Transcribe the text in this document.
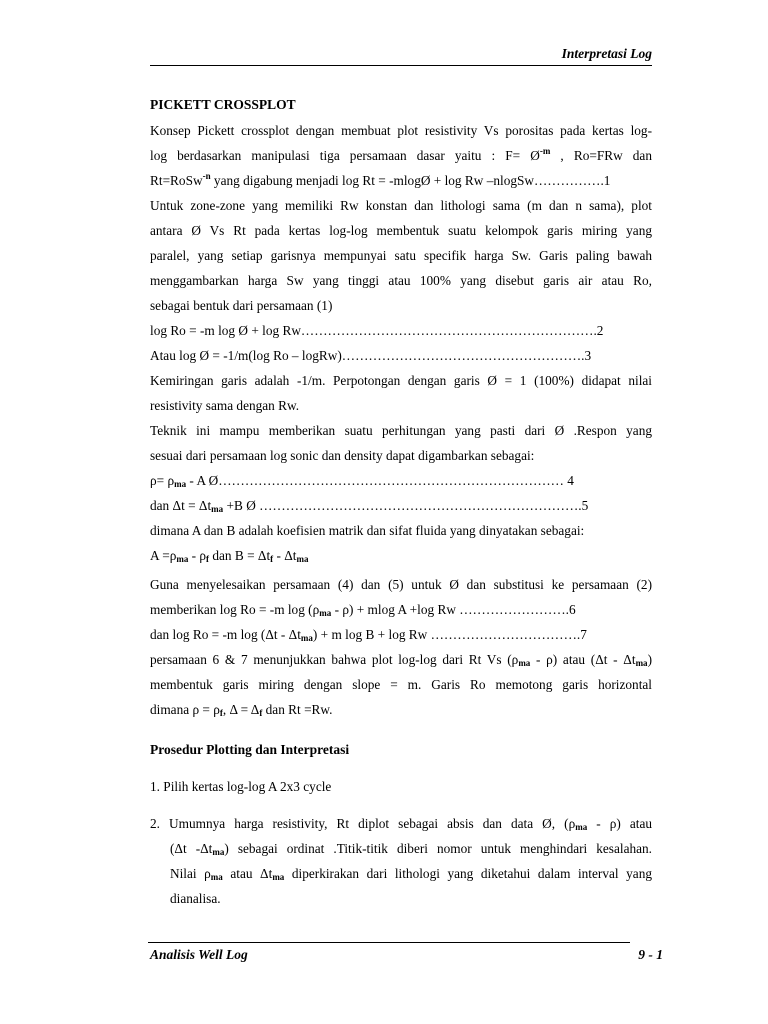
Interpretasi Log
PICKETT CROSSPLOT
Konsep Pickett crossplot dengan membuat plot resistivity Vs porositas pada kertas log-
log berdasarkan manipulasi tiga persamaan dasar yaitu : $F= Ø^{-m}$ , Ro=FRw dan
Rt=RoSw$^{-n}$ yang digabung menjadi log Rt = -mlogØ + log Rw –nlogSw…………….1
Untuk zone-zone yang memiliki Rw konstan dan lithologi sama (m dan n sama), plot
antara Ø Vs Rt pada kertas log-log membentuk suatu kelompok garis miring yang
paralel, yang setiap garisnya mempunyai satu specifik harga Sw. Garis paling bawah
menggambarkan harga Sw yang tinggi atau 100% yang disebut garis air atau Ro,
sebagai bentuk dari persamaan (1)
log Ro = -m log Ø + log Rw………………………………………………………….2
Atau log Ø = -1/m(log Ro – logRw)……………………………………………….3
Kemiringan garis adalah -1/m. Perpotongan dengan garis Ø = 1 (100%) didapat nilai
resistivity sama dengan Rw.
Teknik ini mampu memberikan suatu perhitungan yang pasti dari Ø .Respon yang
sesuai dari persamaan log sonic dan density dapat digambarkan sebagai:
$\rho= \rho_{ma} - A$ Ø…………………………………………………………………… 4
dan $\Delta t = \Delta t_{ma} +B$ Ø ……………………………………………………………….5
dimana A dan B adalah koefisien matrik dan sifat fluida yang dinyatakan sebagai:
$A =\rho_{ma} - \rho_f$ dan $B = \Delta t_f - \Delta t_{ma}$
Guna menyelesaikan persamaan (4) dan (5) untuk Ø dan substitusi ke persamaan (2)
memberikan log Ro = -m $\log (\rho_{ma} - \rho) + mlog$ A +log Rw …………………….6
dan log Ro = -m $\log (\Delta t - \Delta t_{ma}) + m$ log B + log Rw …………………………….7
persamaan 6 & 7 menunjukkan bahwa plot log-log dari Rt Vs $(\rho_{ma} - \rho)$ atau $(\Delta t - \Delta t_{ma})$
membentuk garis miring dengan slope = m. Garis Ro memotong garis horizontal
dimana $\rho = \rho_f$, $\Delta = \Delta_f$ dan Rt =Rw.
Prosedur Plotting dan Interpretasi
1. Pilih kertas log-log A 2x3 cycle
2. Umumnya harga resistivity, Rt diplot sebagai absis dan data Ø, $(\rho_{ma} - \rho)$ atau
(Δt $-\Delta t_{ma}$) sebagai ordinat .Titik-titik diberi nomor untuk menghindari kesalahan.
Nilai $\rho_{ma}$ atau $\Delta t_{ma}$ diperkirakan dari lithologi yang diketahui dalam interval yang
dianalisa.
Analisis Well Log	9 - 1
